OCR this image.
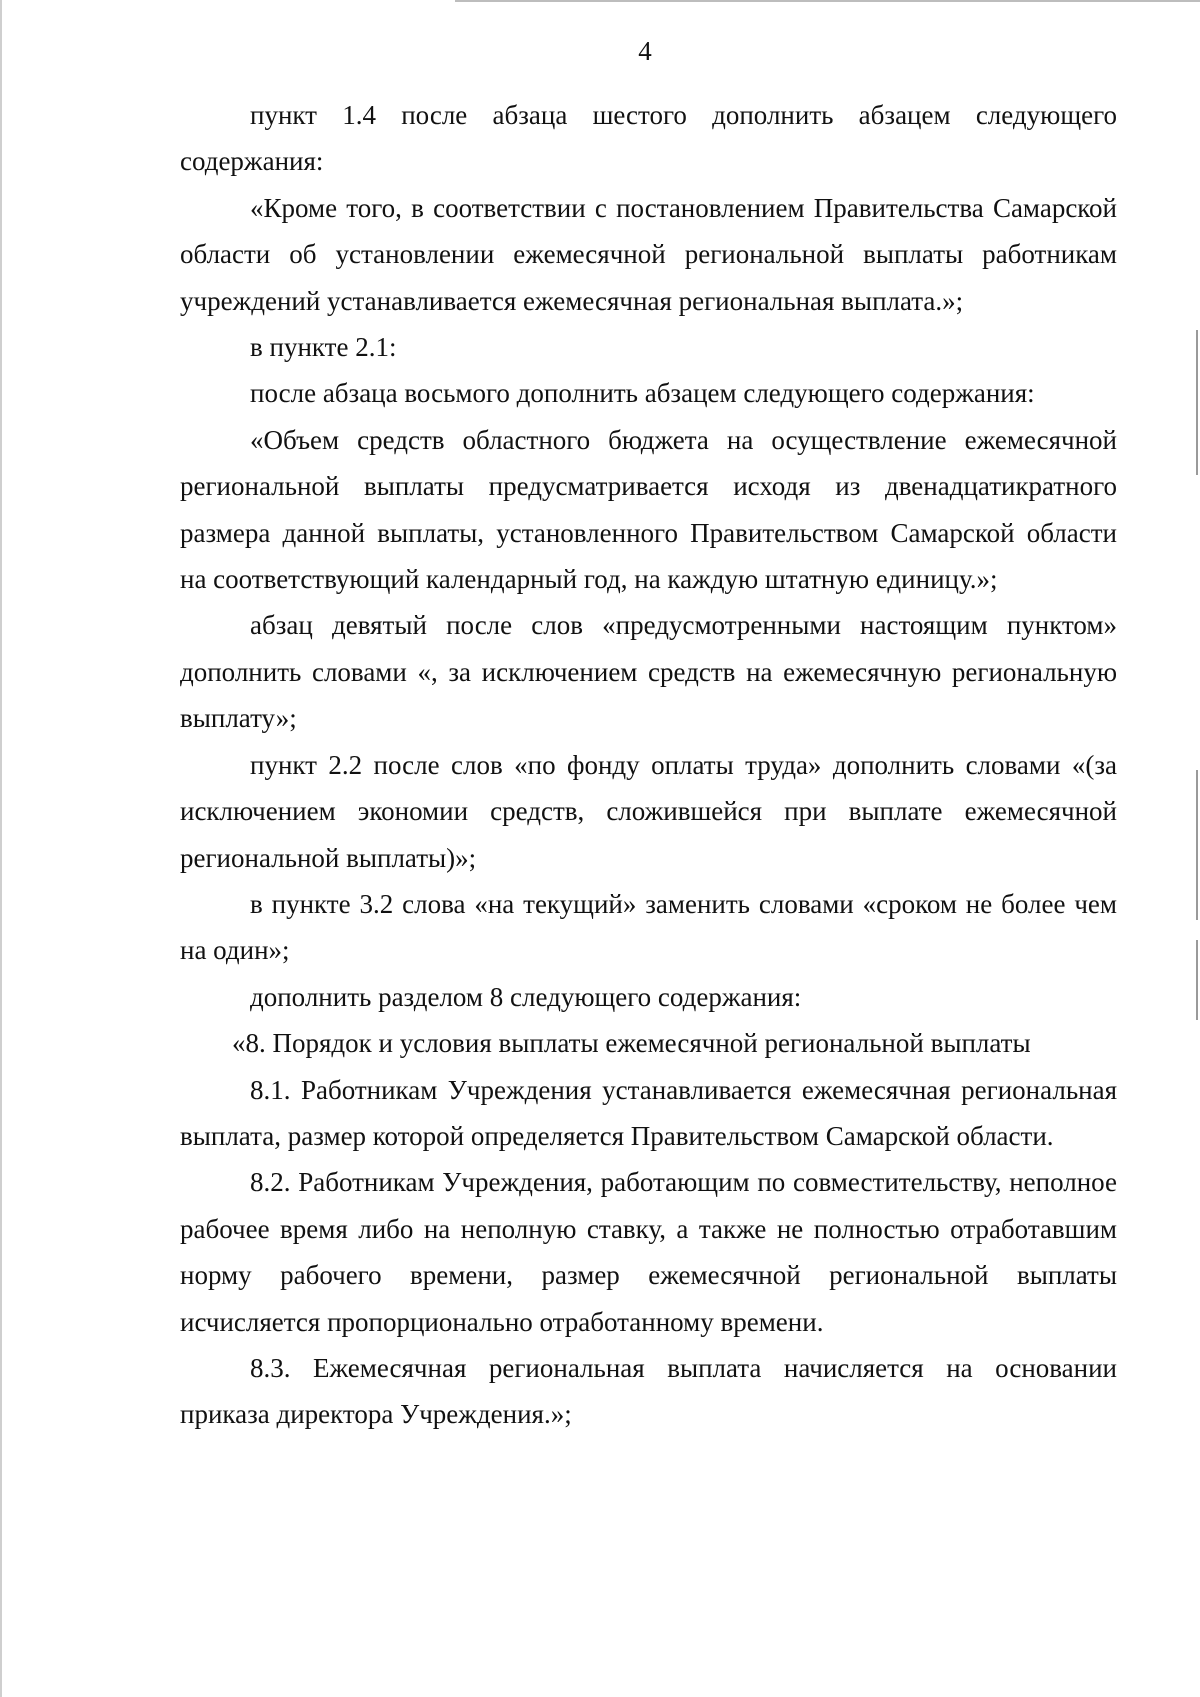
4

пункт 1.4 после абзаца шестого дополнить абзацем следующего содержания:

«Кроме того, в соответствии с постановлением Правительства Самарской области об установлении ежемесячной региональной выплаты работникам учреждений устанавливается ежемесячная региональная выплата.»;

в пункте 2.1:

после абзаца восьмого дополнить абзацем следующего содержания:

«Объем средств областного бюджета на осуществление ежемесячной региональной выплаты предусматривается исходя из двенадцатикратного размера данной выплаты, установленного Правительством Самарской области на соответствующий календарный год, на каждую штатную единицу.»;

абзац девятый после слов «предусмотренными настоящим пунктом» дополнить словами «, за исключением средств на ежемесячную региональную выплату»;

пункт 2.2 после слов «по фонду оплаты труда» дополнить словами «(за исключением экономии средств, сложившейся при выплате ежемесячной региональной выплаты)»;

в пункте 3.2 слова «на текущий» заменить словами «сроком не более чем на один»;

дополнить разделом 8 следующего содержания:

«8. Порядок и условия выплаты ежемесячной региональной выплаты

8.1. Работникам Учреждения устанавливается ежемесячная региональная выплата, размер которой определяется Правительством Самарской области.

8.2. Работникам Учреждения, работающим по совместительству, неполное рабочее время либо на неполную ставку, а также не полностью отработавшим норму рабочего времени, размер ежемесячной региональной выплаты исчисляется пропорционально отработанному времени.

8.3. Ежемесячная региональная выплата начисляется на основании приказа директора Учреждения.»;
